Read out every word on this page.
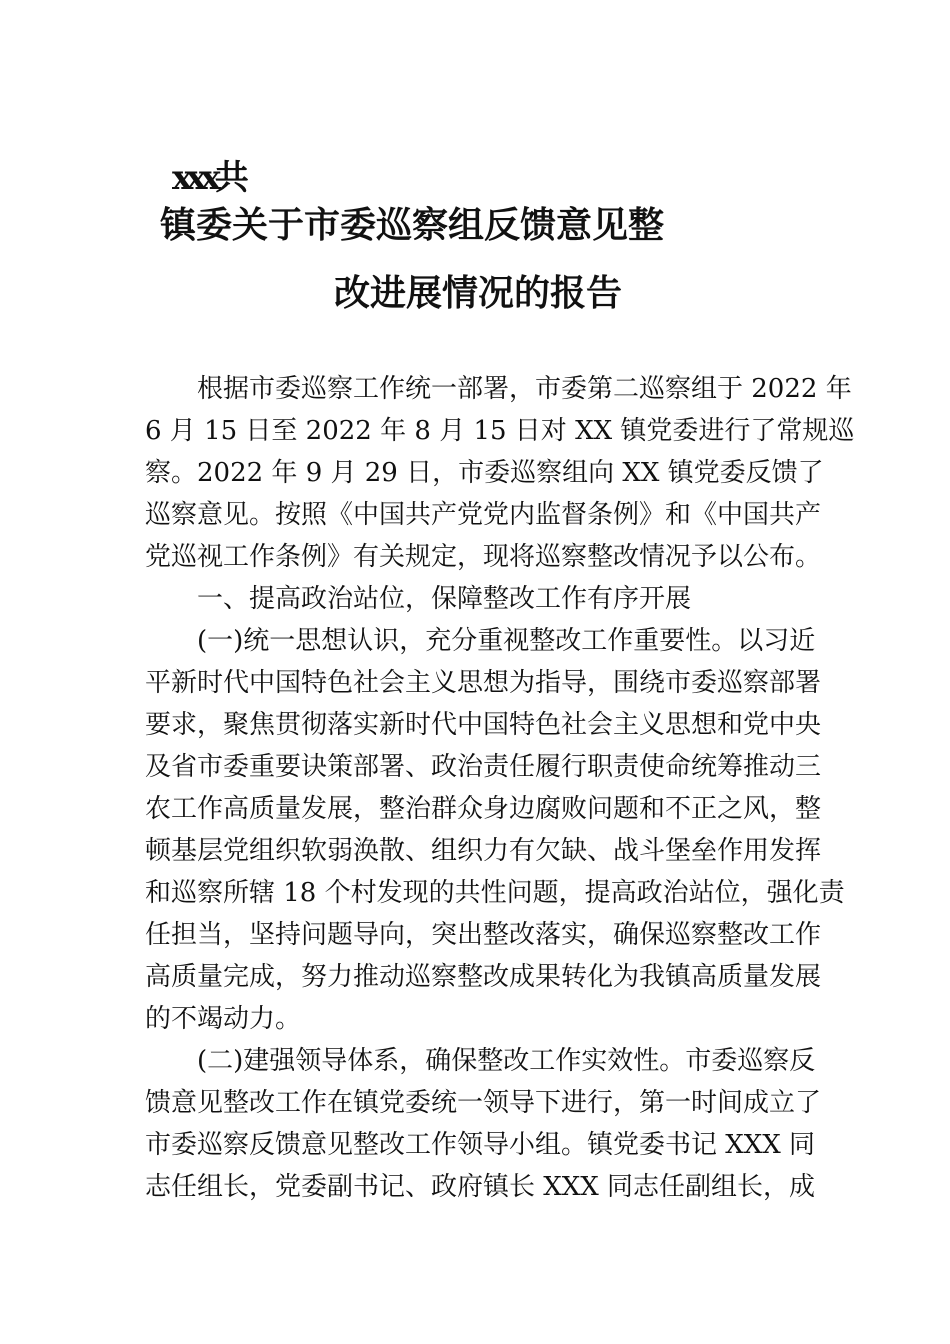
xxx共
镇委关于市委巡察组反馈意见整
改进展情况的报告
根据市委巡察工作统一部署，市委第二巡察组于 2022 年
6 月 15 日至 2022 年 8 月 15 日对 XX 镇党委进行了常规巡
察。2022 年 9 月 29 日，市委巡察组向 XX 镇党委反馈了
巡察意见。按照《中国共产党党内监督条例》和《中国共产
党巡视工作条例》有关规定，现将巡察整改情况予以公布。
一、提高政治站位，保障整改工作有序开展
(一)统一思想认识，充分重视整改工作重要性。以习近
平新时代中国特色社会主义思想为指导，围绕市委巡察部署
要求，聚焦贯彻落实新时代中国特色社会主义思想和党中央
及省市委重要诀策部署、政治责任履行职责使命统筹推动三
农工作高质量发展，整治群众身边腐败问题和不正之风，整
顿基层党组织软弱涣散、组织力有欠缺、战斗堡垒作用发挥
和巡察所辖 18 个村发现的共性问题，提高政治站位，强化责
任担当，坚持问题导向，突出整改落实，确保巡察整改工作
高质量完成，努力推动巡察整改成果转化为我镇高质量发展
的不竭动力。
(二)建强领导体系，确保整改工作实效性。市委巡察反
馈意见整改工作在镇党委统一领导下进行，第一时间成立了
市委巡察反馈意见整改工作领导小组。镇党委书记 XXX 同
志任组长，党委副书记、政府镇长 XXX 同志任副组长，成
